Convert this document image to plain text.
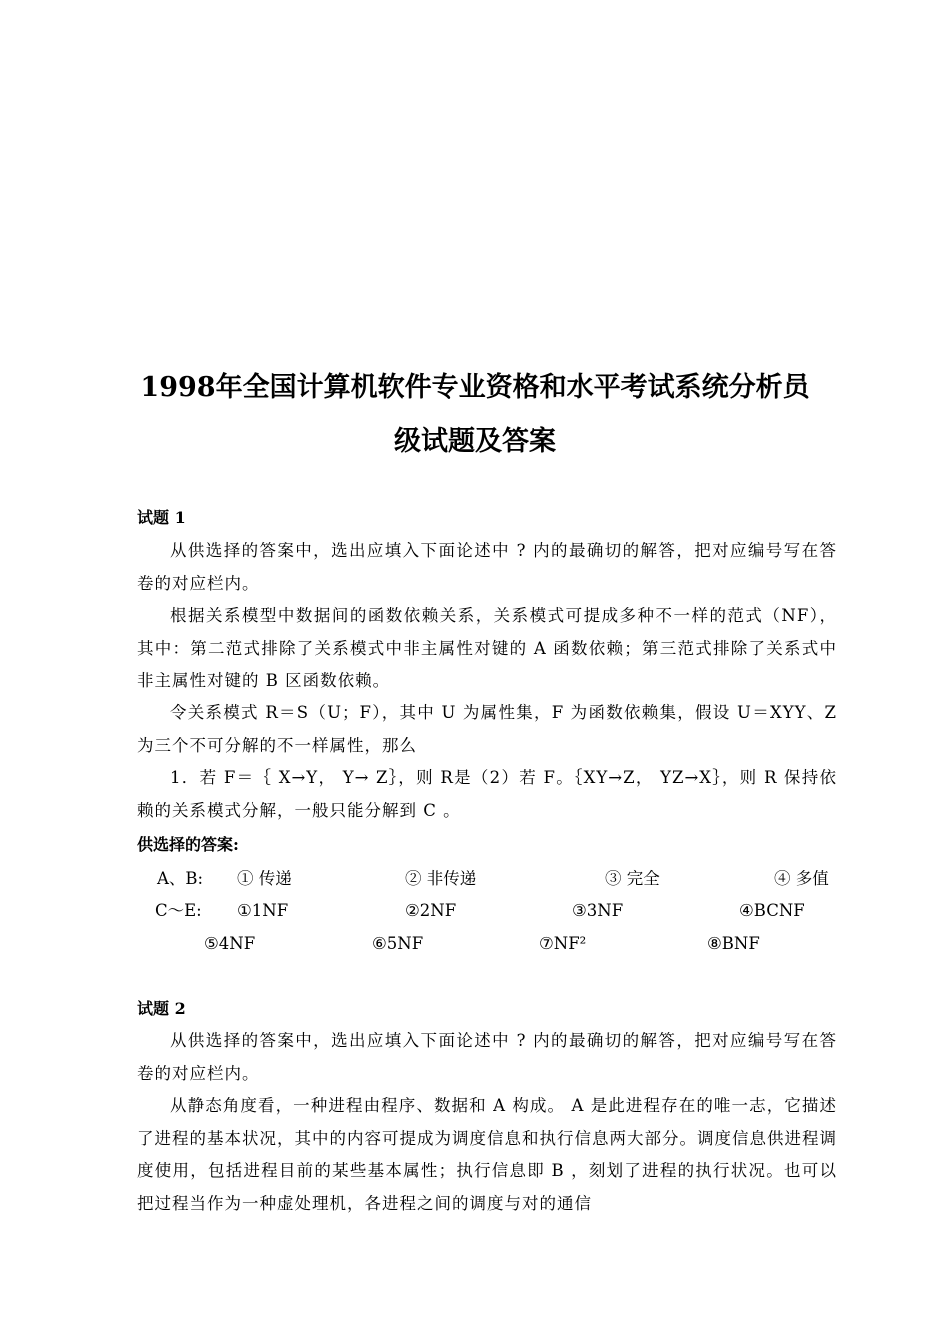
1998年全国计算机软件专业资格和水平考试系统分析员
级试题及答案
试题 1

从供选择的答案中，选出应填入下面论述中 ? 内的最确切的解答，把对应编号写在答卷的对应栏内。

根据关系模型中数据间的函数依赖关系，关系模式可提成多种不一样的范式（NF），其中：第二范式排除了关系模式中非主属性对键的 A 函数依赖；第三范式排除了关系式中非主属性对键的 B 区函数依赖。

令关系模式 R＝S（U；F），其中 U 为属性集，F 为函数依赖集，假设 U＝XYY、Z 为三个不可分解的不一样属性，那么

1．若 F＝｛ X→Y， Y→ Z｝，则 R是（2）若 F。｛XY→Z， YZ→X｝，则 R 保持依赖的关系模式分解，一般只能分解到 C 。

供选择的答案:
A、B: ① 传递	② 非传递	③ 完全	④ 多值
C～E: ①1NF	②2NF	③3NF	④BCNF
⑤4NF	⑥5NF	⑦NF²	⑧BNF
试题 2

从供选择的答案中，选出应填入下面论述中 ? 内的最确切的解答，把对应编号写在答卷的对应栏内。

从静态角度看，一种进程由程序、数据和 A 构成。 A 是此进程存在的唯一志，它描述了进程的基本状况，其中的内容可提成为调度信息和执行信息两大部分。调度信息供进程调度使用，包括进程目前的某些基本属性；执行信息即 B ，刻划了进程的执行状况。也可以把过程当作为一种虚处理机，各进程之间的调度与对的通信
